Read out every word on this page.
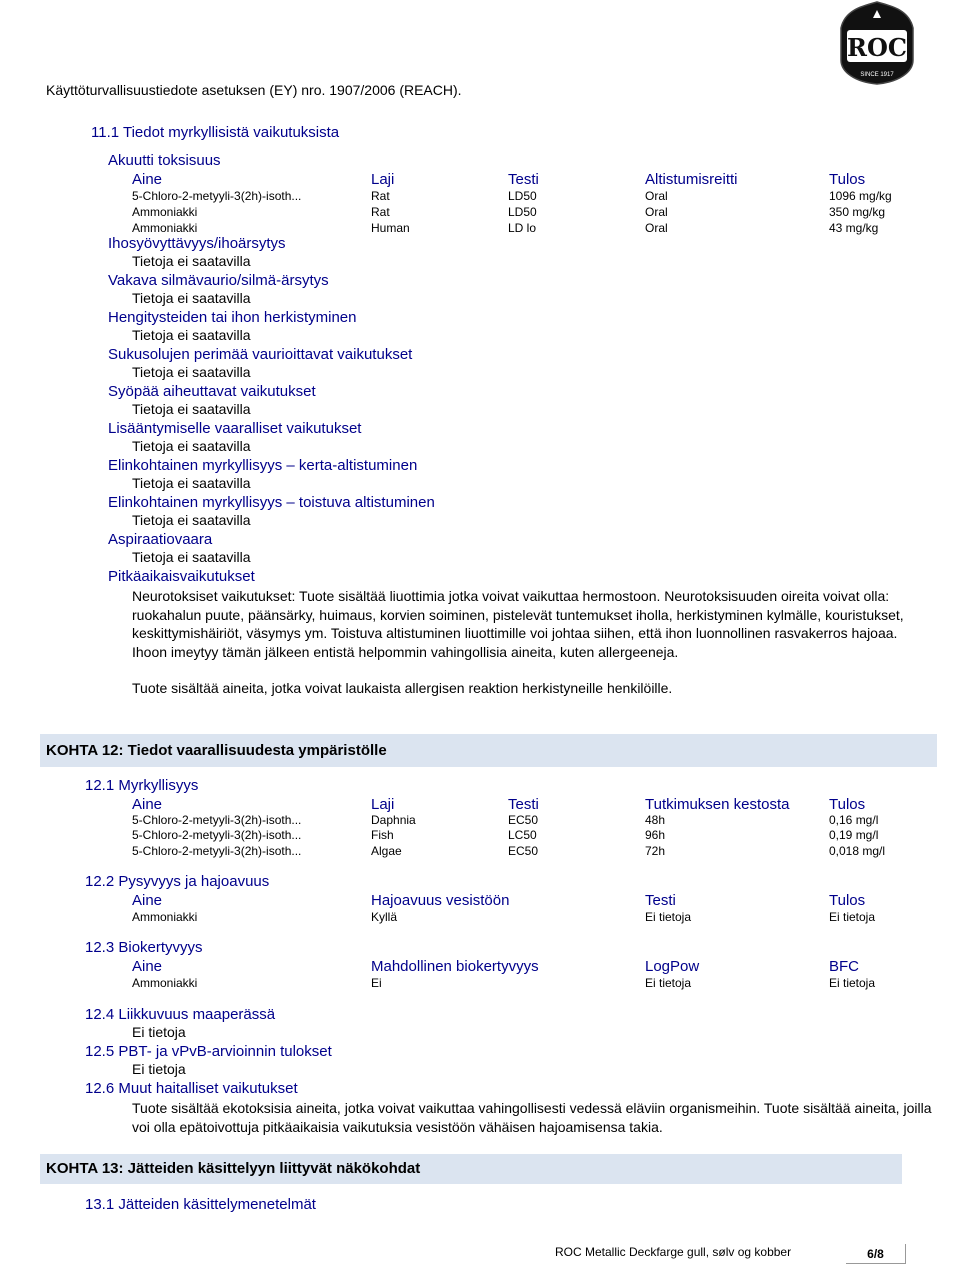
ROC
SINCE 1917
Käyttöturvallisuustiedote asetuksen (EY) nro. 1907/2006 (REACH).
11.1 Tiedot myrkyllisistä vaikutuksista
Akuutti toksisuus
Aine	Laji	Testi	Altistumisreitti	Tulos
5-Chloro-2-metyyli-3(2h)-isoth...	Rat	LD50	Oral	1096 mg/kg
Ammoniakki	Rat	LD50	Oral	350 mg/kg
Ammoniakki	Human	LD lo	Oral	43 mg/kg
Ihosyövyttävyys/ihoärsytys
Tietoja ei saatavilla
Vakava silmävaurio/silmä-ärsytys
Tietoja ei saatavilla
Hengitysteiden tai ihon herkistyminen
Tietoja ei saatavilla
Sukusolujen perimää vaurioittavat vaikutukset
Tietoja ei saatavilla
Syöpää aiheuttavat vaikutukset
Tietoja ei saatavilla
Lisääntymiselle vaaralliset vaikutukset
Tietoja ei saatavilla
Elinkohtainen myrkyllisyys – kerta-altistuminen
Tietoja ei saatavilla
Elinkohtainen myrkyllisyys – toistuva altistuminen
Tietoja ei saatavilla
Aspiraatiovaara
Tietoja ei saatavilla
Pitkäaikaisvaikutukset
Neurotoksiset vaikutukset: Tuote sisältää liuottimia jotka voivat vaikuttaa hermostoon. Neurotoksisuuden oireita voivat olla: ruokahalun puute, päänsärky, huimaus, korvien soiminen, pistelevät tuntemukset iholla, herkistyminen kylmälle, kouristukset, keskittymishäiriöt, väsymys ym. Toistuva altistuminen liuottimille voi johtaa siihen, että ihon luonnollinen rasvakerros hajoaa. Ihoon imeytyy tämän jälkeen entistä helpommin vahingollisia aineita, kuten allergeeneja.
Tuote sisältää aineita, jotka voivat laukaista allergisen reaktion herkistyneille henkilöille.
KOHTA 12: Tiedot vaarallisuudesta ympäristölle
12.1 Myrkyllisyys
Aine	Laji	Testi	Tutkimuksen kestosta	Tulos
5-Chloro-2-metyyli-3(2h)-isoth...	Daphnia	EC50	48h	0,16 mg/l
5-Chloro-2-metyyli-3(2h)-isoth...	Fish	LC50	96h	0,19 mg/l
5-Chloro-2-metyyli-3(2h)-isoth...	Algae	EC50	72h	0,018 mg/l
12.2 Pysyvyys ja hajoavuus
Aine	Hajoavuus vesistöön	Testi	Tulos
Ammoniakki	Kyllä	Ei tietoja	Ei tietoja
12.3 Biokertyvyys
Aine	Mahdollinen biokertyvyys	LogPow	BFC
Ammoniakki	Ei	Ei tietoja	Ei tietoja
12.4 Liikkuvuus maaperässä
Ei tietoja
12.5 PBT- ja vPvB-arvioinnin tulokset
Ei tietoja
12.6 Muut haitalliset vaikutukset
Tuote sisältää ekotoksisia aineita, jotka voivat vaikuttaa vahingollisesti vedessä eläviin organismeihin. Tuote sisältää aineita, joilla voi olla epätoivottuja pitkäaikaisia vaikutuksia vesistöön vähäisen hajoamisensa takia.
KOHTA 13: Jätteiden käsittelyyn liittyvät näkökohdat
13.1 Jätteiden käsittelymenetelmät
ROC Metallic Deckfarge gull, sølv og kobber	6/8
